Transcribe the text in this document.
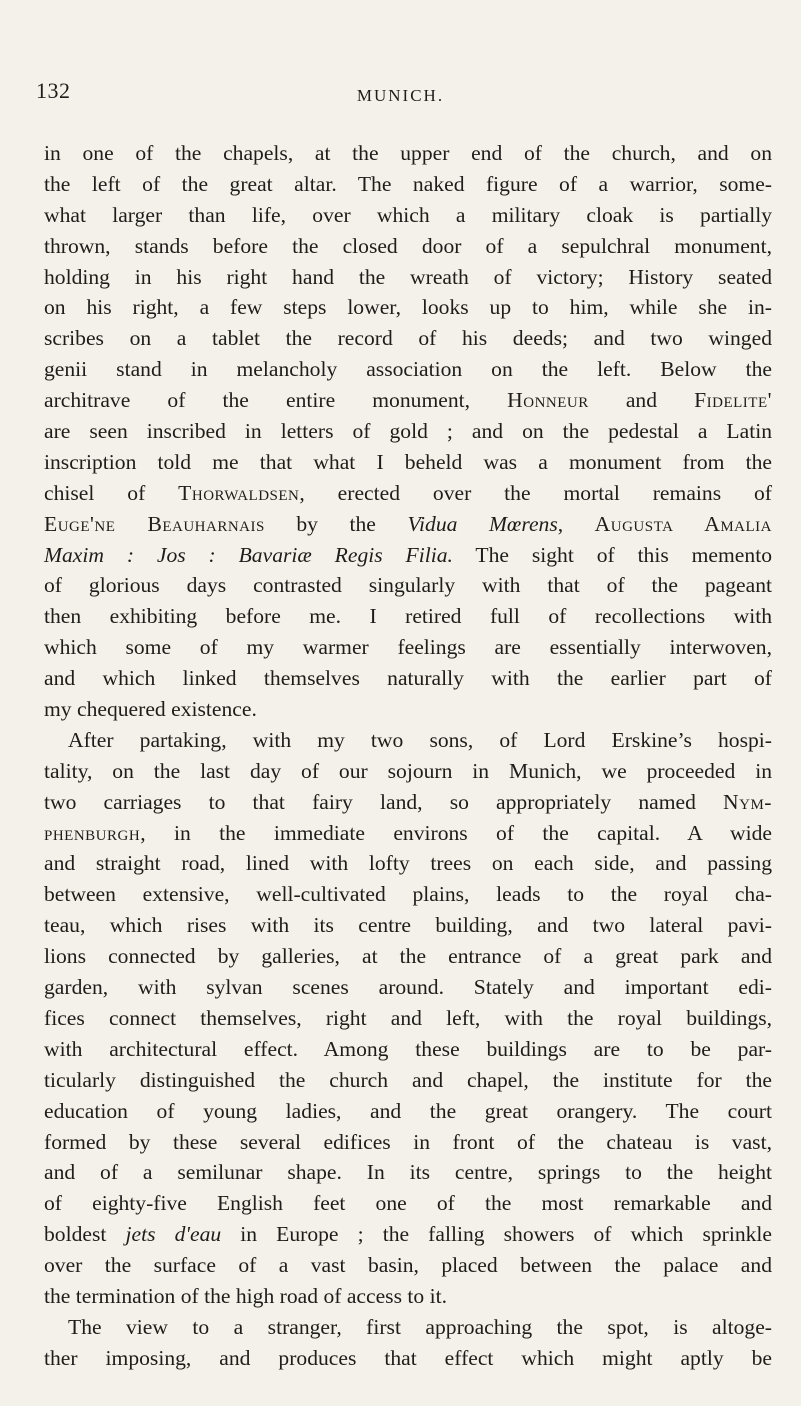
132	MUNICH.
in one of the chapels, at the upper end of the church, and on
the left of the great altar. The naked figure of a warrior, some-
what larger than life, over which a military cloak is partially
thrown, stands before the closed door of a sepulchral monument,
holding in his right hand the wreath of victory; History seated
on his right, a few steps lower, looks up to him, while she in-
scribes on a tablet the record of his deeds; and two winged
genii stand in melancholy association on the left. Below the
architrave of the entire monument, Honneur and Fidelite'
are seen inscribed in letters of gold ; and on the pedestal a Latin
inscription told me that what I beheld was a monument from the
chisel of Thorwaldsen, erected over the mortal remains of
Euge'ne Beauharnais by the Vidua Mœrens, Augusta Amalia
Maxim : Jos : Bavariæ Regis Filia. The sight of this memento
of glorious days contrasted singularly with that of the pageant
then exhibiting before me. I retired full of recollections with
which some of my warmer feelings are essentially interwoven,
and which linked themselves naturally with the earlier part of
my chequered existence.
After partaking, with my two sons, of Lord Erskine’s hospi-
tality, on the last day of our sojourn in Munich, we proceeded in
two carriages to that fairy land, so appropriately named Nym-
phenburgh, in the immediate environs of the capital. A wide
and straight road, lined with lofty trees on each side, and passing
between extensive, well-cultivated plains, leads to the royal cha-
teau, which rises with its centre building, and two lateral pavi-
lions connected by galleries, at the entrance of a great park and
garden, with sylvan scenes around. Stately and important edi-
fices connect themselves, right and left, with the royal buildings,
with architectural effect. Among these buildings are to be par-
ticularly distinguished the church and chapel, the institute for the
education of young ladies, and the great orangery. The court
formed by these several edifices in front of the chateau is vast,
and of a semilunar shape. In its centre, springs to the height
of eighty-five English feet one of the most remarkable and
boldest jets d'eau in Europe ; the falling showers of which sprinkle
over the surface of a vast basin, placed between the palace and
the termination of the high road of access to it.
The view to a stranger, first approaching the spot, is altoge-
ther imposing, and produces that effect which might aptly be
